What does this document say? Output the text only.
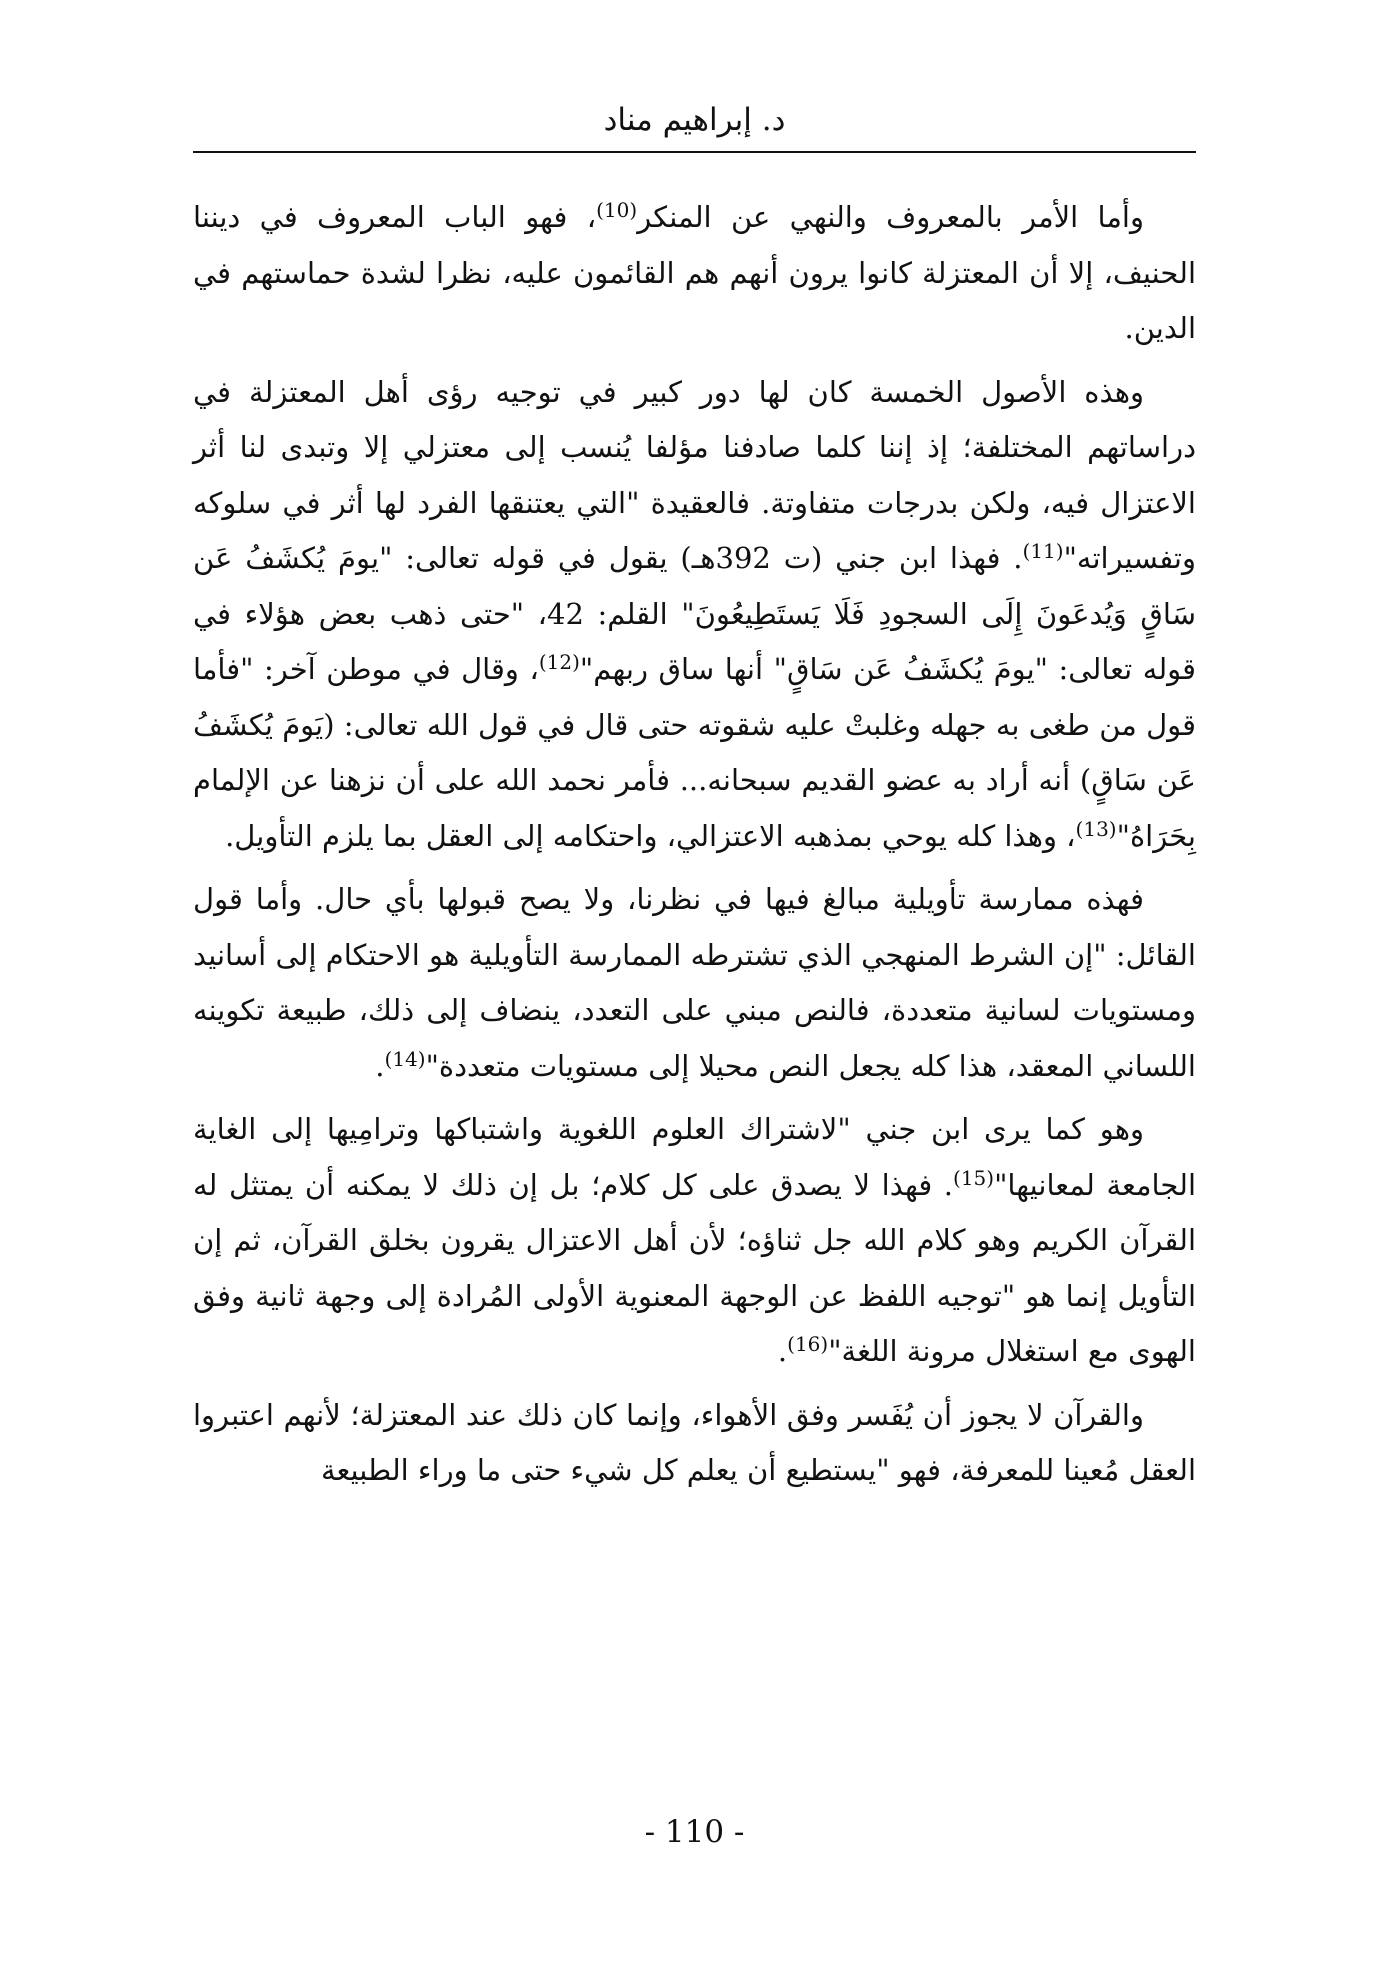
د. إبراهيم مناد

وأما الأمر بالمعروف والنهي عن المنكر$^{(10)}$، فهو الباب المعروف في ديننا الحنيف، إلا أن المعتزلة كانوا يرون أنهم هم القائمون عليه، نظرا لشدة حماستهم في الدين.

وهذه الأصول الخمسة كان لها دور كبير في توجيه رؤى أهل المعتزلة في دراساتهم المختلفة؛ إذ إننا كلما صادفنا مؤلفا يُنسب إلى معتزلي إلا وتبدى لنا أثر الاعتزال فيه، ولكن بدرجات متفاوتة. فالعقيدة "التي يعتنقها الفرد لها أثر في سلوكه وتفسيراته"$^{(11)}$. فهذا ابن جني (ت 392هـ) يقول في قوله تعالى: "يومَ يُكشَفُ عَن سَاقٍ وَيُدعَونَ إِلَى السجودِ فَلَا يَستَطِيعُونَ" القلم: 42، "حتى ذهب بعض هؤلاء في قوله تعالى: "يومَ يُكشَفُ عَن سَاقٍ" أنها ساق ربهم"$^{(12)}$، وقال في موطن آخر: "فأما قول من طغى به جهله وغلبتْ عليه شقوته حتى قال في قول الله تعالى: (يَومَ يُكشَفُ عَن سَاقٍ) أنه أراد به عضو القديم سبحانه... فأمر نحمد الله على أن نزهنا عن الإلمام بِحَرَاهُ"$^{(13)}$، وهذا كله يوحي بمذهبه الاعتزالي، واحتكامه إلى العقل بما يلزم التأويل.

فهذه ممارسة تأويلية مبالغ فيها في نظرنا، ولا يصح قبولها بأي حال. وأما قول القائل: "إن الشرط المنهجي الذي تشترطه الممارسة التأويلية هو الاحتكام إلى أسانيد ومستويات لسانية متعددة، فالنص مبني على التعدد، ينضاف إلى ذلك، طبيعة تكوينه اللساني المعقد، هذا كله يجعل النص محيلا إلى مستويات متعددة"$^{(14)}$.

وهو كما يرى ابن جني "لاشتراك العلوم اللغوية واشتباكها وترامِيها إلى الغاية الجامعة لمعانيها"$^{(15)}$. فهذا لا يصدق على كل كلام؛ بل إن ذلك لا يمكنه أن يمتثل له القرآن الكريم وهو كلام الله جل ثناؤه؛ لأن أهل الاعتزال يقرون بخلق القرآن، ثم إن التأويل إنما هو "توجيه اللفظ عن الوجهة المعنوية الأولى المُرادة إلى وجهة ثانية وفق الهوى مع استغلال مرونة اللغة"$^{(16)}$.

والقرآن لا يجوز أن يُفَسر وفق الأهواء، وإنما كان ذلك عند المعتزلة؛ لأنهم اعتبروا العقل مُعينا للمعرفة، فهو "يستطيع أن يعلم كل شيء حتى ما وراء الطبيعة

- 110 -
